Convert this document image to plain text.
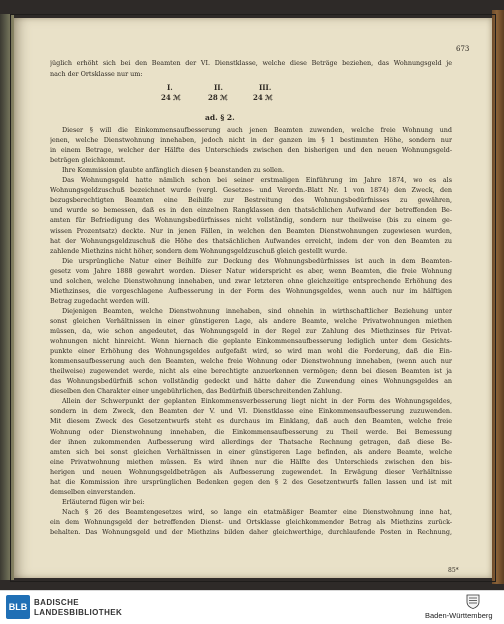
673
jüglich erhöht sich bei den Beamten der VI. Dienstklasse, welche diese Beträge beziehen, das Wohnungsgeld je
nach der Ortsklasse nur um:
I.	II.	III.
24 ℳ	28 ℳ	24 ℳ
Dieser § will die Einkommensaufbesserung auch jenen Beamten zuwenden, welche freie Wohnung und
jenen, welche Dienstwohnung innehaben, jedoch nicht in der ganzen im § 1 bestimmten Höhe, sondern nur
in einem Betrage, welcher der Hälfte des Unterschieds zwischen den bisherigen und den neuen Wohnungsgeld-
beträgen gleichkommt.
Ihre Kommission glaubte anfänglich diesen § beanstanden zu sollen.
Das Wohnungsgeld hatte nämlich schon bei seiner erstmaligen Einführung im Jahre 1874, wo es als
Wohnungsgeldzuschuß bezeichnet wurde (vergl. Gesetzes- und Verordn.-Blatt Nr. 1 von 1874) den Zweck, den
bezugsberechtigten Beamten eine Beihilfe zur Bestreitung des Wohnungsbedürfnisses zu gewähren,
und wurde so bemessen, daß es in den einzelnen Rangklassen den thatsächlichen Aufwand der betreffenden Be-
amten für Befriedigung des Wohnungsbedürfnisses nicht vollständig, sondern nur theilweise (bis zu einem ge-
wissen Prozentsatz) deckte. Nur in jenen Fällen, in welchen den Beamten Dienstwohnungen zugewiesen wurden,
hat der Wohnungsgeldzuschuß die Höhe des thatsächlichen Aufwandes erreicht, indem der von den Beamten zu
zahlende Miethzins nicht höher, sondern dem Wohnungsgeldzuschuß gleich gestellt wurde.
Die ursprüngliche Natur einer Beihilfe zur Deckung des Wohnungsbedürfnisses ist auch in dem Beamten-
gesetz vom Jahre 1888 gewahrt worden. Dieser Natur widerspricht es aber, wenn Beamten, die freie Wohnung
und solchen, welche Dienstwohnung innehaben, und zwar letzteren ohne gleichzeitige entsprechende Erhöhung des
Miethzinses, die vorgeschlagene Aufbesserung in der Form des Wohnungsgeldes, wenn auch nur im hälftigen
Betrag zugedacht werden will.
Diejenigen Beamten, welche Dienstwohnung innehaben, sind ohnehin in wirthschaftlicher Beziehung unter
sonst gleichen Verhältnissen in einer günstigeren Lage, als andere Beamte, welche Privatwohnungen miethen
müssen, da, wie schon angedeutet, das Wohnungsgeld in der Regel zur Zahlung des Miethzinses für Privat-
wohnungen nicht hinreicht. Wenn hiernach die geplante Einkommensaufbesserung lediglich unter dem Gesichts-
punkte einer Erhöhung des Wohnungsgeldes aufgefaßt wird, so wird man wohl die Forderung, daß die Ein-
kommensaufbesserung auch den Beamten, welche freie Wohnung oder Dienstwohnung innehaben, (wenn auch nur
theilweise) zugewendet werde, nicht als eine berechtigte anzuerkennen vermögen; denn bei diesen Beamten ist ja
das Wohnungsbedürfniß schon vollständig gedeckt und hätte daher die Zuwendung eines Wohnungsgeldes an
dieselben den Charakter einer ungebührlichen, das Bedürfniß überschreitenden Zahlung.
Allein der Schwerpunkt der geplanten Einkommensverbesserung liegt nicht in der Form des Wohnungsgeldes,
sondern in dem Zweck, den Beamten der V. und VI. Dienstklasse eine Einkommensaufbesserung zuzuwenden.
Mit diesem Zweck des Gesetzentwurfs steht es durchaus im Einklang, daß auch den Beamten, welche freie
Wohnung oder Dienstwohnung innehaben, die Einkommensaufbesserung zu Theil werde. Bei Bemessung
der ihnen zukommenden Aufbesserung wird allerdings der Thatsache Rechnung getragen, daß diese Be-
amten sich bei sonst gleichen Verhältnissen in einer günstigeren Lage befinden, als andere Beamte, welche
eine Privatwohnung miethen müssen. Es wird ihnen nur die Hälfte des Unterschieds zwischen den bis-
herigen und neuen Wohnungsgeldbeträgen als Aufbesserung zugewendet. In Erwägung dieser Verhältnisse
hat die Kommission ihre ursprünglichen Bedenken gegen den § 2 des Gesetzentwurfs fallen lassen und ist mit
demselben einverstanden.
Erläuternd fügen wir bei:
Nach § 26 des Beamtengesetzes wird, so lange ein etatmäßiger Beamter eine Dienstwohnung inne hat,
ein dem Wohnungsgeld der betreffenden Dienst- und Ortsklasse gleichkommender Betrag als Miethzins zurück-
behalten. Das Wohnungsgeld und der Miethzins bilden daher gleichwerthige, durchlaufende Posten in Rechnung,
ad. § 2.
85*
BLB BADISCHE
LANDESBIBLIOTHEK	Baden-Württemberg
